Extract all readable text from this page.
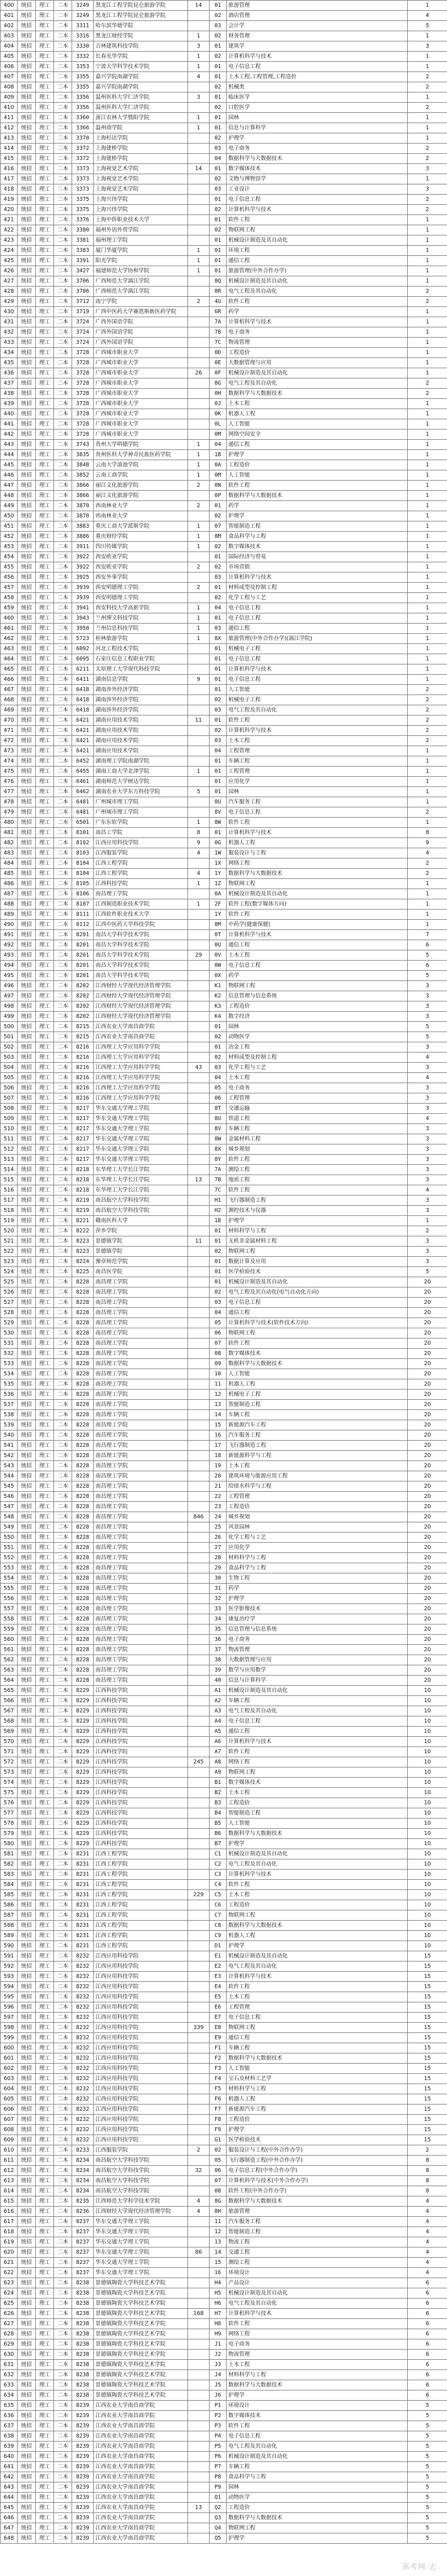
400	统招	理工	二本	3249	黑龙江工程学院昆仑旅游学院	14	01	旅游管理	1
401	统招	理工	二本	3249	黑龙江工程学院昆仑旅游学院		02	酒店管理	4
402	统招	理工	二本	3311	哈尔滨华德学院		03	会计学	5
403	统招	理工	二本	3316	黑龙江财经学院	1	02	财务管理	1
404	统招	理工	二本	3330	吉林建筑科技学院	3	01	建筑学	3
405	统招	理工	二本	3332	长春光华学院	1	02	计算机科学与技术	1
406	统招	理工	二本	3353	宁波大学科学技术学院	1	01	电子信息工程	1
407	统招	理工	二本	3355	嘉兴学院南湖学院	4	01	土木工程,工程管理,工程造价	2
408	统招	理工	二本	3355	嘉兴学院南湖学院		02	机械类	2
409	统招	理工	二本	3356	温州医科大学仁济学院	3	01	临床医学	1
410	统招	理工	二本	3356	温州医科大学仁济学院		02	口腔医学	2
411	统招	理工	二本	3360	浙江农林大学暨阳学院	1	01	园林	1
412	统招	理工	二本	3366	温州商学院	1	01	信息与计算科学	1
413	统招	理工	二本	3370	上海杉达学院		02	护理学	1
414	统招	理工	二本	3372	上海建桥学院		03	电子商务	2
415	统招	理工	二本	3372	上海建桥学院		04	数据科学与大数据技术	2
416	统招	理工	二本	3373	上海视觉艺术学院	14	01	数字媒体技术	3
417	统招	理工	二本	3373	上海视觉艺术学院		02	文物与博物馆学	1
418	统招	理工	二本	3373	上海视觉艺术学院		03	工业设计	3
419	统招	理工	二本	3375	上海兴伟学院		01	电子信息工程	2
420	统招	理工	二本	3375	上海兴伟学院		02	计算机科学与技术	2
421	统招	理工	二本	3376	上海中侨职业技术大学		01	软件工程	1
422	统招	理工	二本	3380	福州外语外贸学院		02	物联网工程	1
423	统招	理工	二本	3381	福州理工学院		01	机械设计制造及其自动化	1
424	统招	理工	二本	3383	厦门华厦学院	1	01	环境工程	1
425	统招	理工	二本	3391	阳光学院	1	01	通信工程	1
426	统招	理工	二本	3427	福建师范大学协和学院	1	01	旅游管理(中外合作办学)	1
427	统招	理工	二本	3706	广西师范大学漓江学院		8Q	机械设计制造及其自动化	1
428	统招	理工	二本	3706	广西师范大学漓江学院		8R	电气工程及其自动化	2
429	统招	理工	二本	3712	南宁学院	2	4U	软件工程	2
430	统招	理工	二本	3719	广西中医药大学赛恩斯新医药学院		6R	药学	1
431	统招	理工	二本	3724	广西外国语学院		7A	计算机科学与技术	1
432	统招	理工	二本	3724	广西外国语学院		7B	电子商务	1
433	统招	理工	二本	3724	广西外国语学院		7C	物流管理	1
434	统招	理工	二本	3728	广西城市职业大学		0D	工程造价	1
435	统招	理工	二本	3728	广西城市职业大学		0E	大数据管理与应用	1
436	统招	理工	二本	3728	广西城市职业大学	26	0F	机械设计制造及其自动化	1
437	统招	理工	二本	3728	广西城市职业大学		0G	电气工程及其自动化	2
438	统招	理工	二本	3728	广西城市职业大学		0H	数据科学与大数据技术	2
439	统招	理工	二本	3728	广西城市职业大学		0J	土木工程	1
440	统招	理工	二本	3728	广西城市职业大学		0K	机器人工程	1
441	统招	理工	二本	3728	广西城市职业大学		0L	人工智能	1
442	统招	理工	二本	3728	广西城市职业大学		0M	网络空间安全	1
443	统招	理工	二本	3743	贵州大学明德学院	1	04	通信工程	1
444	统招	理工	二本	3835	贵州医科大学神奇民族医药学院	1	1B	护理学	1
445	统招	理工	二本	3848	云南大学滇池学院	1	0A	工程造价	1
446	统招	理工	二本	3852	云南工商学院	1	0M	人工智能	1
447	统招	理工	二本	3866	丽江文化旅游学院	2	0N	软件工程	1
448	统招	理工	二本	3866	丽江文化旅游学院		0P	数据科学与大数据技术	1
449	统招	理工	二本	3870	西南林业大学	2	01	药学	1
450	统招	理工	二本	3870	西南林业大学		02	护理学	1
451	统招	理工	二本	3883	重庆工商大学派斯学院	1	07	智能制造工程	1
452	统招	理工	二本	3886	重庆财经学院	1	8M	食品科学与工程	1
453	统招	理工	二本	3911	四川传媒学院	1	02	数字媒体技术	1
454	统招	理工	二本	3922	西安欧亚学院		01	国际经济与贸易	1
455	统招	理工	二本	3922	西安欧亚学院	2	02	市场营销	1
456	统招	理工	二本	3925	西安外事学院		03	计算机科学与技术	1
457	统招	理工	二本	3939	西安明德理工学院	2	01	材料成型及控制工程	1
458	统招	理工	二本	3939	西安明德理工学院		02	化学工程与工艺	1
459	统招	理工	二本	3941	西安科技大学高新学院	1	04	电子信息工程	1
460	统招	理工	二本	3943	兰州博文科技学院	1	01	电子信息工程	1
461	统招	理工	二本	3950	兰州信息科技学院	1	03	通信工程	1
462	统招	理工	二本	5723	桂林旅游学院	1	8X	旅游管理(中外合作办学)(漓江学院)	1
463	统招	理工	二本	6092	河北工程技术学院		01	机械电子工程	1
464	统招	理工	二本	6095	石家庄信息工程职业学院		01	电子信息工程	1
465	统招	理工	二本	6211	太原理工大学现代科技学院		01	计算机科学与技术	1
466	统招	理工	二本	6411	湖南信息学院	9	01	电子信息工程	1
467	统招	理工	二本	6418	湖南涉外经济学院		01	人工智能	2
468	统招	理工	二本	6418	湖南涉外经济学院		02	机械电子工程	2
469	统招	理工	二本	6418	湖南涉外经济学院		03	电气工程及其自动化	2
470	统招	理工	二本	6421	湖南应用技术学院	11	01	软件工程	2
471	统招	理工	二本	6421	湖南应用技术学院		02	计算机科学与技术	2
472	统招	理工	二本	6421	湖南应用技术学院		03	土木工程	2
473	统招	理工	二本	6421	湖南应用技术学院		04	工程管理	1
474	统招	理工	二本	6452	湖南理工学院南湖学院		01	车辆工程	1
475	统招	理工	二本	6455	湖南工商大学北津学院	1	01	工程管理	1
476	统招	理工	二本	6461	湖南师范大学树达学院		01	应用化学	1
477	统招	理工	二本	6462	湖南农业大学东方科技学院	5	01	园林	1
478	统招	理工	二本	6481	广州城市理工学院		8U	汽车服务工程	1
479	统招	理工	二本	6481	广州城市理工学院		8V	电子信息工程	2
480	统招	理工	二本	6501	广东东软学院	1	8W	软件工程	1
481	统招	理工	二本	8101	南昌工学院	8	01	计算机科学与技术	8
482	统招	理工	二本	8102	江西应用科技学院	9	0G	机器人工程	9
483	统招	理工	二本	8103	江西服装学院	4	1W	服装设计与工程	4
484	统招	理工	二本	8104	江西工程学院		1X	网络工程	2
485	统招	理工	二本	8104	江西工程学院	4	1Y	数据科学与大数据技术	2
486	统招	理工	二本	8105	江西科技学院	1	1Z	物联网工程	1
487	统招	理工	二本	8106	南昌理工学院		0A	机械设计制造及其自动化	1
488	统招	理工	二本	8107	江西制造职业技术学院	1	2F	软件工程(数字媒体方向)	1
489	统招	理工	二本	8111	江西软件职业技术大学		1Y	软件工程	1
490	统招	理工	二本	8112	江西中医药大学科技学院		8M	中药学(健康保健)	1
491	统招	理工	二本	8201	南昌大学科学技术学院		0T	计算机科学与技术	7
492	统招	理工	二本	8201	南昌大学科学技术学院		0U	通信工程	6
493	统招	理工	二本	8201	南昌大学科学技术学院	29	0V	土木工程	5
494	统招	理工	二本	8201	南昌大学科学技术学院		0W	电子信息工程	6
495	统招	理工	二本	8201	南昌大学科学技术学院		0X	药学	5
496	统招	理工	二本	8202	江西财经大学现代经济管理学院		K1	物联网工程	3
497	统招	理工	二本	8202	江西财经大学现代经济管理学院		K2	信息管理与信息系统	3
498	统招	理工	二本	8202	江西财经大学现代经济管理学院		K3	工程造价	3
499	统招	理工	二本	8202	江西财经大学现代经济管理学院		K4	数字经济	3
500	统招	理工	二本	8215	江西农业大学南昌商学院		01	园林	5
501	统招	理工	二本	8215	江西农业大学南昌商学院		02	动物医学	5
502	统招	理工	二本	8216	江西理工大学应用科学学院		01	冶金工程	3
503	统招	理工	二本	8216	江西理工大学应用科学学院		02	材料成型及控制工程	4
504	统招	理工	二本	8216	江西理工大学应用科学学院	43	03	化学工程与工艺	3
505	统招	理工	二本	8216	江西理工大学应用科学学院		04	土木工程	4
506	统招	理工	二本	8216	江西理工大学应用科学学院		05	电子商务	3
507	统招	理工	二本	8216	江西理工大学应用科学学院		06	工程管理	3
508	统招	理工	二本	8217	华东交通大学理工学院		8T	交通运输	3
509	统招	理工	二本	8217	华东交通大学理工学院		8U	铁道工程	4
510	统招	理工	二本	8217	华东交通大学理工学院		8V	车辆工程	3
511	统招	理工	二本	8217	华东交通大学理工学院		8W	金属材料工程	3
512	统招	理工	二本	8217	华东交通大学理工学院		8X	城乡规划	3
513	统招	理工	二本	8217	华东交通大学理工学院		8Y	软件工程	3
514	统招	理工	二本	8218	东华理工大学长江学院		7A	测绘工程	3
515	统招	理工	二本	8218	东华理工大学长江学院	13	7B	地质工程	3
516	统招	理工	二本	8218	东华理工大学长江学院		7C	软件工程	4
517	统招	理工	二本	8219	南昌航空大学科技学院		H1	飞行器制造工程	3
518	统招	理工	二本	8219	南昌航空大学科技学院		H2	测控技术与仪器	3
519	统招	理工	二本	8221	赣南医科大学		1B	护理学	1
520	统招	理工	二本	8222	萍乡学院		01	材料科学与工程	2
521	统招	理工	二本	8223	景德镇学院	11	01	无机非金属材料工程	3
522	统招	理工	二本	8223	景德镇学院		02	物联网工程	3
523	统招	理工	二本	8224	豫章师范学院		01	数据计算及应用	3
524	统招	理工	二本	8225	南昌医学院		01	医学检验技术	5
525	统招	理工	二本	8228	南昌理工学院		01	机械设计制造及其自动化	20
526	统招	理工	二本	8228	南昌理工学院		02	电气工程及其自动化(电气自动化方向)	20
527	统招	理工	二本	8228	南昌理工学院		03	电子信息工程	20
528	统招	理工	二本	8228	南昌理工学院		04	通信工程	20
529	统招	理工	二本	8228	南昌理工学院		05	计算机科学与技术(软件技术方向)	20
530	统招	理工	二本	8228	南昌理工学院		06	物联网工程	20
531	统招	理工	二本	8228	南昌理工学院		07	软件工程	20
532	统招	理工	二本	8228	南昌理工学院		08	数字媒体技术	20
533	统招	理工	二本	8228	南昌理工学院		09	数据科学与大数据技术	20
534	统招	理工	二本	8228	南昌理工学院		10	人工智能	20
535	统招	理工	二本	8228	南昌理工学院		11	机器人工程	20
536	统招	理工	二本	8228	南昌理工学院		12	机械电子工程	20
537	统招	理工	二本	8228	南昌理工学院		13	智能制造工程	20
538	统招	理工	二本	8228	南昌理工学院		14	车辆工程	20
539	统招	理工	二本	8228	南昌理工学院		15	新能源汽车工程	20
540	统招	理工	二本	8228	南昌理工学院		16	汽车服务工程	20
541	统招	理工	二本	8228	南昌理工学院		17	飞行器制造工程	20
542	统招	理工	二本	8228	南昌理工学院		18	新能源科学与工程	20
543	统招	理工	二本	8228	南昌理工学院		19	土木工程	20
544	统招	理工	二本	8228	南昌理工学院		20	建筑环境与能源应用工程	20
545	统招	理工	二本	8228	南昌理工学院		21	给排水科学与工程	20
546	统招	理工	二本	8228	南昌理工学院		22	工程管理	20
547	统招	理工	二本	8228	南昌理工学院		23	工程造价	20
548	统招	理工	二本	8228	南昌理工学院	846	24	城乡规划	20
549	统招	理工	二本	8228	南昌理工学院		25	风景园林	20
550	统招	理工	二本	8228	南昌理工学院		26	化学工程与工艺	20
551	统招	理工	二本	8228	南昌理工学院		27	应用化学	20
552	统招	理工	二本	8228	南昌理工学院		28	材料科学与工程	20
553	统招	理工	二本	8228	南昌理工学院		29	食品科学与工程	20
554	统招	理工	二本	8228	南昌理工学院		30	生物工程	20
555	统招	理工	二本	8228	南昌理工学院		31	药学	20
556	统招	理工	二本	8228	南昌理工学院		32	护理学	20
557	统招	理工	二本	8228	南昌理工学院		33	医学影像技术	20
558	统招	理工	二本	8228	南昌理工学院		34	康复治疗学	20
559	统招	理工	二本	8228	南昌理工学院		35	信息管理与信息系统	20
560	统招	理工	二本	8228	南昌理工学院		36	电子商务	20
561	统招	理工	二本	8228	南昌理工学院		37	物流管理	20
562	统招	理工	二本	8228	南昌理工学院		38	大数据管理与应用	20
563	统招	理工	二本	8228	南昌理工学院		39	数学与应用数学	20
564	统招	理工	二本	8228	南昌理工学院		40	信息与计算科学	20
565	统招	理工	二本	8229	江西科技学院		A1	机械设计制造及其自动化	10
566	统招	理工	二本	8229	江西科技学院		A2	车辆工程	10
567	统招	理工	二本	8229	江西科技学院		A3	电气工程及其自动化	10
568	统招	理工	二本	8229	江西科技学院		A4	电子信息工程	10
569	统招	理工	二本	8229	江西科技学院		A5	通信工程	10
570	统招	理工	二本	8229	江西科技学院		A6	计算机科学与技术	10
571	统招	理工	二本	8229	江西科技学院		A7	软件工程	10
572	统招	理工	二本	8229	江西科技学院	245	A8	网络工程	10
573	统招	理工	二本	8229	江西科技学院		A9	物联网工程	10
574	统招	理工	二本	8229	江西科技学院		B1	数字媒体技术	10
575	统招	理工	二本	8229	江西科技学院		B2	土木工程	10
576	统招	理工	二本	8229	江西科技学院		B3	工程造价	10
577	统招	理工	二本	8229	江西科技学院		B4	智能制造工程	10
578	统招	理工	二本	8229	江西科技学院		B5	人工智能	10
579	统招	理工	二本	8229	江西科技学院		B6	数据科学与大数据技术	10
580	统招	理工	二本	8229	江西科技学院		B7	护理学	10
581	统招	理工	二本	8231	江西工程学院		C1	机械设计制造及其自动化	10
582	统招	理工	二本	8231	江西工程学院		C2	电气工程及其自动化	10
583	统招	理工	二本	8231	江西工程学院		C3	计算机科学与技术	10
584	统招	理工	二本	8231	江西工程学院		C4	软件工程	10
585	统招	理工	二本	8231	江西工程学院	229	C5	土木工程	10
586	统招	理工	二本	8231	江西工程学院		C6	工程造价	10
587	统招	理工	二本	8231	江西工程学院		C7	物联网工程	10
588	统招	理工	二本	8231	江西工程学院		C8	数据科学与大数据技术	10
589	统招	理工	二本	8231	江西工程学院		C9	机器人工程	10
590	统招	理工	二本	8231	江西工程学院		D1	护理学	10
591	统招	理工	二本	8232	江西应用科技学院		E1	机械设计制造及其自动化	15
592	统招	理工	二本	8232	江西应用科技学院		E2	电气工程及其自动化	15
593	统招	理工	二本	8232	江西应用科技学院		E3	计算机科学与技术	15
594	统招	理工	二本	8232	江西应用科技学院		E4	软件工程	15
595	统招	理工	二本	8232	江西应用科技学院		E5	土木工程	15
596	统招	理工	二本	8232	江西应用科技学院		E6	工程管理	15
597	统招	理工	二本	8232	江西应用科技学院		E7	电子信息工程	15
598	统招	理工	二本	8232	江西应用科技学院	339	E8	物联网工程	15
599	统招	理工	二本	8232	江西应用科技学院		E9	通信工程	15
600	统招	理工	二本	8232	江西应用科技学院		F1	车辆工程	15
601	统招	理工	二本	8232	江西应用科技学院		F2	数据科学与大数据技术	15
602	统招	理工	二本	8232	江西应用科技学院		F3	人工智能	15
603	统招	理工	二本	8232	江西应用科技学院		F4	宝石及材料工艺学	15
604	统招	理工	二本	8232	江西应用科技学院		F5	材料科学与工程	15
605	统招	理工	二本	8232	江西应用科技学院		F6	机器人工程	15
606	统招	理工	二本	8232	江西应用科技学院		F7	新能源汽车工程	15
607	统招	理工	二本	8232	江西应用科技学院		F8	工程造价	15
608	统招	理工	二本	8232	江西应用科技学院		F9	护理学	15
609	统招	理工	二本	8232	江西应用科技学院		G1	医学检验技术	15
610	统招	理工	二本	8233	江西服装学院	2	02	服装设计与工程(中外合作办学)	2
611	统招	理工	二本	8234	南昌航空大学科技学院		05	飞行器制造工程(中外合作办学)	8
612	统招	理工	二本	8234	南昌航空大学科技学院	32	06	电子信息工程(中外合作办学)	8
613	统招	理工	二本	8234	南昌航空大学科技学院		07	计算机科学与技术(中外合作办学)	8
614	统招	理工	二本	8234	南昌航空大学科技学院		08	软件工程(中外合作办学)	8
615	统招	理工	二本	8235	江西师范大学科学技术学院	4	8G	数据科学与大数据技术	4
616	统招	理工	二本	8236	江西财经大学现代经济管理学院	4	8H	旅游管理	4
617	统招	理工	二本	8237	华东交通大学理工学院		11	汽车服务工程	4
618	统招	理工	二本	8237	华东交通大学理工学院		12	智能制造工程	4
619	统招	理工	二本	8237	华东交通大学理工学院		13	物流工程	4
620	统招	理工	二本	8237	华东交通大学理工学院	86	14	交通工程	4
621	统招	理工	二本	8237	华东交通大学理工学院		15	测绘工程	4
622	统招	理工	二本	8237	华东交通大学理工学院		16	环境设计	4
623	统招	理工	二本	8238	景德镇陶瓷大学科技艺术学院		H4	产品设计	6
624	统招	理工	二本	8238	景德镇陶瓷大学科技艺术学院		H5	机械设计制造及其自动化	6
625	统招	理工	二本	8238	景德镇陶瓷大学科技艺术学院		H6	电气工程及其自动化	6
626	统招	理工	二本	8238	景德镇陶瓷大学科技艺术学院	168	H7	计算机科学与技术	6
627	统招	理工	二本	8238	景德镇陶瓷大学科技艺术学院		H8	软件工程	6
628	统招	理工	二本	8238	景德镇陶瓷大学科技艺术学院		H9	网络工程	6
629	统招	理工	二本	8238	景德镇陶瓷大学科技艺术学院		J1	电子商务	6
630	统招	理工	二本	8238	景德镇陶瓷大学科技艺术学院		J2	物流管理	6
631	统招	理工	二本	8238	景德镇陶瓷大学科技艺术学院		J3	土木工程	6
632	统招	理工	二本	8238	景德镇陶瓷大学科技艺术学院		J4	材料科学与工程	6
633	统招	理工	二本	8238	景德镇陶瓷大学科技艺术学院		J5	数据科学与大数据技术	6
634	统招	理工	二本	8238	景德镇陶瓷大学科技艺术学院		J6	护理学	6
635	统招	理工	二本	8239	江西农业大学南昌商学院		P1	环境设计	5
636	统招	理工	二本	8239	江西农业大学南昌商学院		P2	数字媒体技术	5
637	统招	理工	二本	8239	江西农业大学南昌商学院		P3	软件工程	5
638	统招	理工	二本	8239	江西农业大学南昌商学院		P4	电子信息工程	5
639	统招	理工	二本	8239	江西农业大学南昌商学院		P5	电气工程及其自动化	5
640	统招	理工	二本	8239	江西农业大学南昌商学院		P6	机械设计制造及其自动化	5
641	统招	理工	二本	8239	江西农业大学南昌商学院		P7	车辆工程	5
642	统招	理工	二本	8239	江西农业大学南昌商学院		P8	食品科学与工程	5
643	统招	理工	二本	8239	江西农业大学南昌商学院		P9	园林	5
644	统招	理工	二本	8239	江西农业大学南昌商学院		Q1	动物医学	5
645	统招	理工	二本	8239	江西农业大学南昌商学院	13	Q2	工程造价	5
646	统招	理工	二本	8239	江西农业大学南昌商学院		Q3	数据科学与大数据技术	5
647	统招	理工	二本	8239	江西农业大学南昌商学院		Q4	物联网工程	5
648	统招	理工	二本	8239	江西农业大学南昌商学院		Q5	护理学	5
高考网·志
